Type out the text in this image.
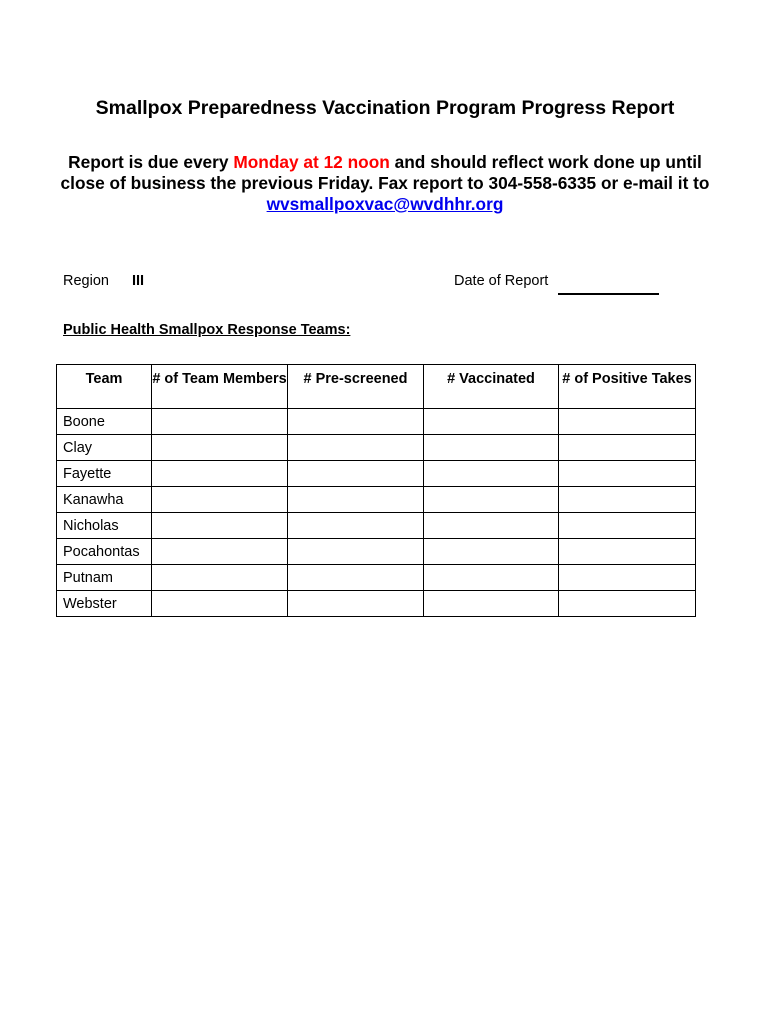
Smallpox Preparedness Vaccination Program Progress Report

Report is due every Monday at 12 noon and should reflect work done up until close of business the previous Friday. Fax report to 304-558-6335 or e-mail it to wvsmallpoxvac@wvdhhr.org

Region III	Date of Report

Public Health Smallpox Response Teams:

Team	# of Team Members	# Pre-screened	# Vaccinated	# of Positive Takes
Boone				
Clay				
Fayette				
Kanawha				
Nicholas				
Pocahontas				
Putnam				
Webster				
